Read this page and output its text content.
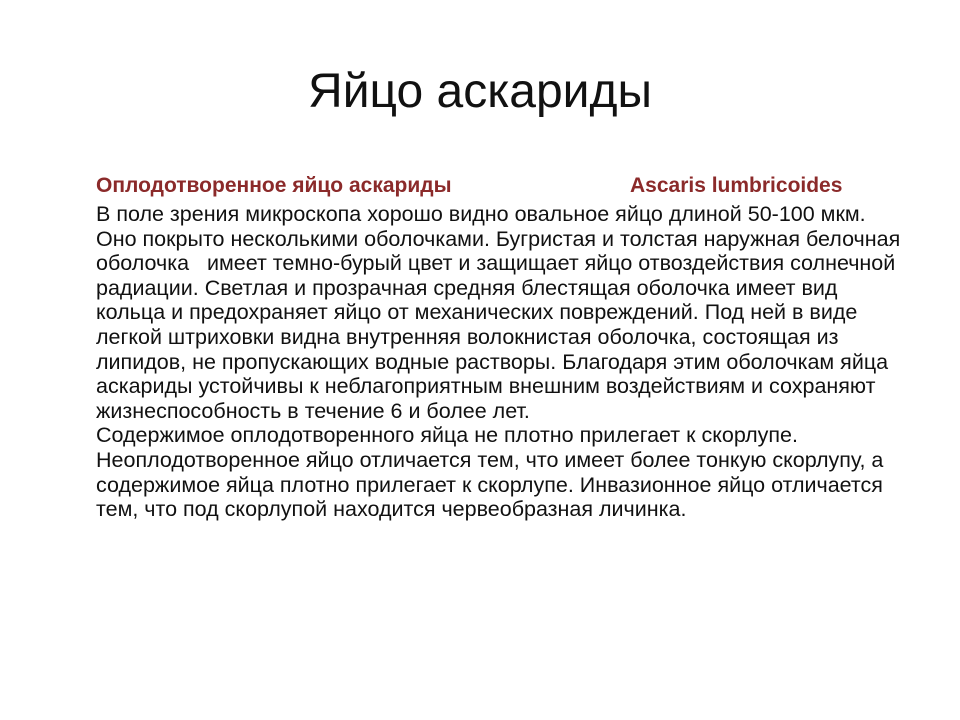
Яйцо аскариды
Оплодотворенное яйцо аскариды	Ascaris lumbricoides

В поле зрения микроскопа хорошо видно овальное яйцо длиной 50-100 мкм. Оно покрыто несколькими оболочками. Бугристая и толстая наружная белочная оболочка   имеет темно-бурый цвет и защищает яйцо отвоздействия солнечной радиации. Светлая и прозрачная средняя блестящая оболочка имеет вид кольца и предохраняет яйцо от механических повреждений. Под ней в виде легкой штриховки видна внутренняя волокнистая оболочка, состоящая из липидов, не пропускающих водные растворы. Благодаря этим оболочкам яйца аскариды устойчивы к неблагоприятным внешним воздействиям и сохраняют жизнеспособность в течение 6 и более лет.

Содержимое оплодотворенного яйца не плотно прилегает к скорлупе. Неоплодотворенное яйцо отличается тем, что имеет более тонкую скорлупу, а содержимое яйца плотно прилегает к скорлупе. Инвазионное яйцо отличается тем, что под скорлупой находится червеобразная личинка.
